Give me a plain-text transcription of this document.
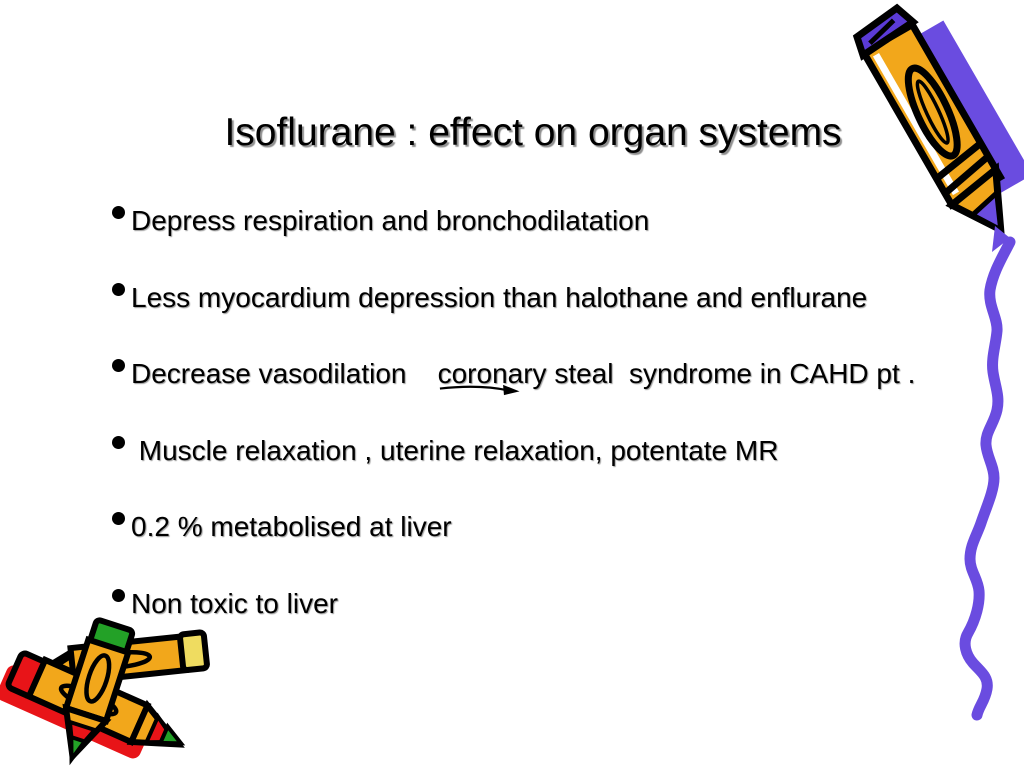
Isoflurane : effect on organ systems
Depress respiration and bronchodilatation
Less myocardium depression than halothane and enflurane
Decrease vasodilation    coronary
steal  syndrome in CAHD pt .
Muscle relaxation , uterine relaxation, potentate MR
0.2 % metabolised at liver
Non toxic to liver
